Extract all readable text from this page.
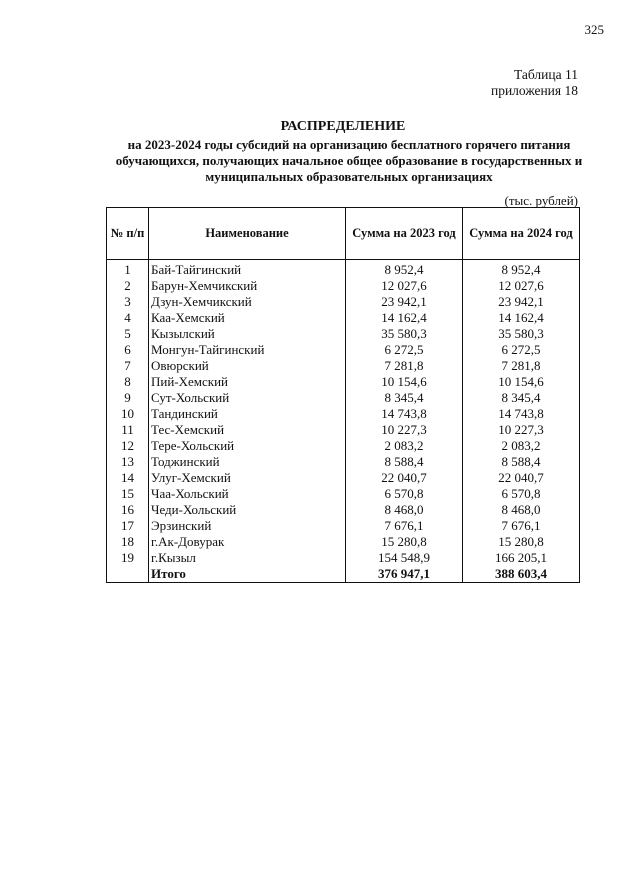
325
Таблица 11
приложения 18
РАСПРЕДЕЛЕНИЕ
на 2023-2024 годы субсидий на организацию бесплатного горячего питания обучающихся, получающих начальное общее образование в государственных и муниципальных образовательных организациях
(тыс. рублей)
№ п/п	Наименование	Сумма на 2023 год	Сумма на 2024 год
1	Бай-Тайгинский	8 952,4	8 952,4
2	Барун-Хемчикский	12 027,6	12 027,6
3	Дзун-Хемчикский	23 942,1	23 942,1
4	Каа-Хемский	14 162,4	14 162,4
5	Кызылский	35 580,3	35 580,3
6	Монгун-Тайгинский	6 272,5	6 272,5
7	Овюрский	7 281,8	7 281,8
8	Пий-Хемский	10 154,6	10 154,6
9	Сут-Хольский	8 345,4	8 345,4
10	Тандинский	14 743,8	14 743,8
11	Тес-Хемский	10 227,3	10 227,3
12	Тере-Хольский	2 083,2	2 083,2
13	Тоджинский	8 588,4	8 588,4
14	Улуг-Хемский	22 040,7	22 040,7
15	Чаа-Хольский	6 570,8	6 570,8
16	Чеди-Хольский	8 468,0	8 468,0
17	Эрзинский	7 676,1	7 676,1
18	г.Ак-Довурак	15 280,8	15 280,8
19	г.Кызыл	154 548,9	166 205,1
	Итого	376 947,1	388 603,4
